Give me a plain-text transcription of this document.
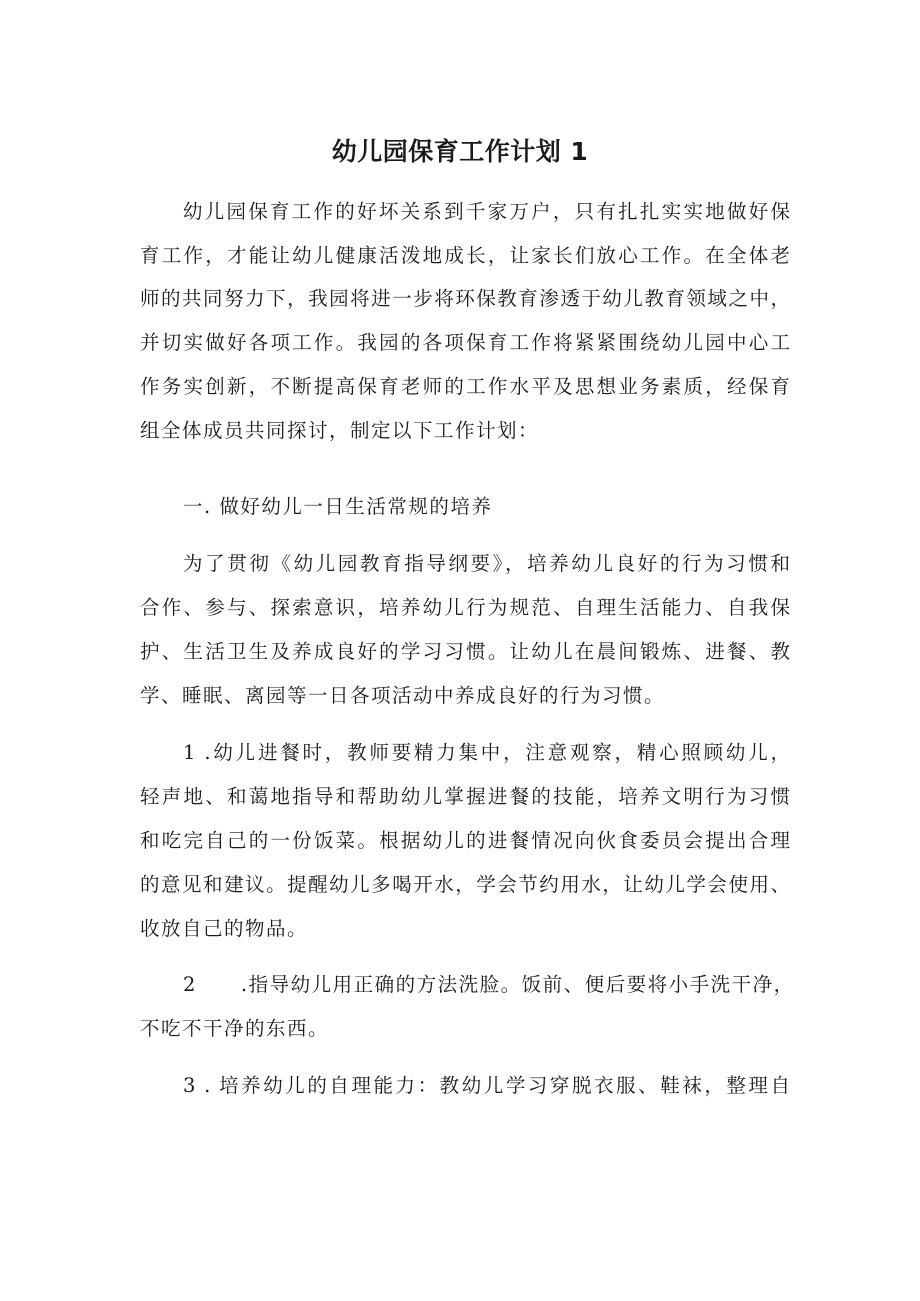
幼儿园保育工作计划 1
幼儿园保育工作的好坏关系到千家万户，只有扎扎实实地做好保
育工作，才能让幼儿健康活泼地成长，让家长们放心工作。在全体老
师的共同努力下，我园将进一步将环保教育渗透于幼儿教育领域之中，
并切实做好各项工作。我园的各项保育工作将紧紧围绕幼儿园中心工
作务实创新，不断提高保育老师的工作水平及思想业务素质，经保育
组全体成员共同探讨，制定以下工作计划：
一. 做好幼儿一日生活常规的培养
为了贯彻《幼儿园教育指导纲要》，培养幼儿良好的行为习惯和
合作、参与、探索意识，培养幼儿行为规范、自理生活能力、自我保
护、生活卫生及养成良好的学习习惯。让幼儿在晨间锻炼、进餐、教
学、睡眠、离园等一日各项活动中养成良好的行为习惯。
1 .幼儿进餐时，教师要精力集中，注意观察，精心照顾幼儿，
轻声地、和蔼地指导和帮助幼儿掌握进餐的技能，培养文明行为习惯
和吃完自己的一份饭菜。根据幼儿的进餐情况向伙食委员会提出合理
的意见和建议。提醒幼儿多喝开水，学会节约用水，让幼儿学会使用、
收放自己的物品。
2 .指导幼儿用正确的方法洗脸。饭前、便后要将小手洗干净，
不吃不干净的东西。
3 . 培养幼儿的自理能力：教幼儿学习穿脱衣服、鞋袜，整理自
